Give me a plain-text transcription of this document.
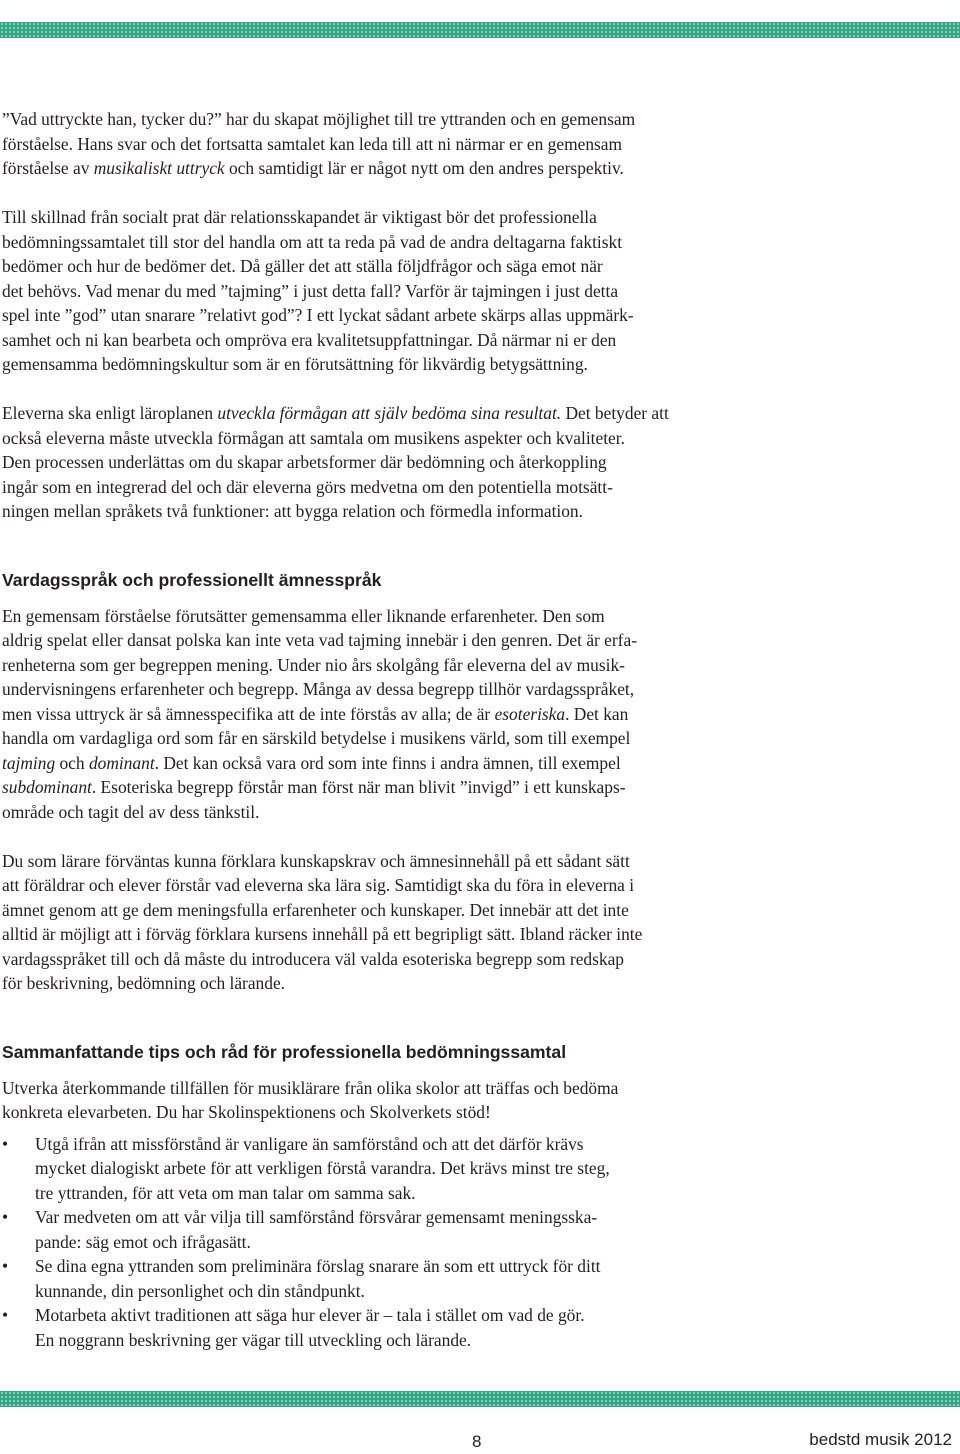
”Vad uttryckte han, tycker du?” har du skapat möjlighet till tre yttranden och en gemensam
förståelse. Hans svar och det fortsatta samtalet kan leda till att ni närmar er en gemensam
förståelse av musikaliskt uttryck och samtidigt lär er något nytt om den andres perspektiv.

Till skillnad från socialt prat där relationsskapandet är viktigast bör det professionella
bedömningssamtalet till stor del handla om att ta reda på vad de andra deltagarna faktiskt
bedömer och hur de bedömer det. Då gäller det att ställa följdfrågor och säga emot när
det behövs. Vad menar du med ”tajming” i just detta fall? Varför är tajmingen i just detta
spel inte ”god” utan snarare ”relativt god”? I ett lyckat sådant arbete skärps allas uppmärk-
samhet och ni kan bearbeta och ompröva era kvalitetsuppfattningar. Då närmar ni er den
gemensamma bedömningskultur som är en förutsättning för likvärdig betygsättning.

Eleverna ska enligt läroplanen utveckla förmågan att själv bedöma sina resultat. Det betyder att
också eleverna måste utveckla förmågan att samtala om musikens aspekter och kvaliteter.
Den processen underlättas om du skapar arbetsformer där bedömning och återkoppling
ingår som en integrerad del och där eleverna görs medvetna om den potentiella motsätt-
ningen mellan språkets två funktioner: att bygga relation och förmedla information.

Vardagsspråk och professionellt ämnesspråk

En gemensam förståelse förutsätter gemensamma eller liknande erfarenheter. Den som
aldrig spelat eller dansat polska kan inte veta vad tajming innebär i den genren. Det är erfa-
renheterna som ger begreppen mening. Under nio års skolgång får eleverna del av musik-
undervisningens erfarenheter och begrepp. Många av dessa begrepp tillhör vardagsspråket,
men vissa uttryck är så ämnesspecifika att de inte förstås av alla; de är esoteriska. Det kan
handla om vardagliga ord som får en särskild betydelse i musikens värld, som till exempel
tajming och dominant. Det kan också vara ord som inte finns i andra ämnen, till exempel
subdominant. Esoteriska begrepp förstår man först när man blivit ”invigd” i ett kunskaps-
område och tagit del av dess tänkstil.

Du som lärare förväntas kunna förklara kunskapskrav och ämnesinnehåll på ett sådant sätt
att föräldrar och elever förstår vad eleverna ska lära sig. Samtidigt ska du föra in eleverna i
ämnet genom att ge dem meningsfulla erfarenheter och kunskaper. Det innebär att det inte
alltid är möjligt att i förväg förklara kursens innehåll på ett begripligt sätt. Ibland räcker inte
vardagsspråket till och då måste du introducera väl valda esoteriska begrepp som redskap
för beskrivning, bedömning och lärande.

Sammanfattande tips och råd för professionella bedömningssamtal

Utverka återkommande tillfällen för musiklärare från olika skolor att träffas och bedöma
konkreta elevarbeten. Du har Skolinspektionens och Skolverkets stöd!

•	Utgå ifrån att missförstånd är vanligare än samförstånd och att det därför krävs
mycket dialogiskt arbete för att verkligen förstå varandra. Det krävs minst tre steg,
tre yttranden, för att veta om man talar om samma sak.
•	Var medveten om att vår vilja till samförstånd försvårar gemensamt meningsska-
pande: säg emot och ifrågasätt.
•	Se dina egna yttranden som preliminära förslag snarare än som ett uttryck för ditt
kunnande, din personlighet och din ståndpunkt.
•	Motarbeta aktivt traditionen att säga hur elever är – tala i stället om vad de gör.
En noggrann beskrivning ger vägar till utveckling och lärande.
8	bedstd musik 2012
